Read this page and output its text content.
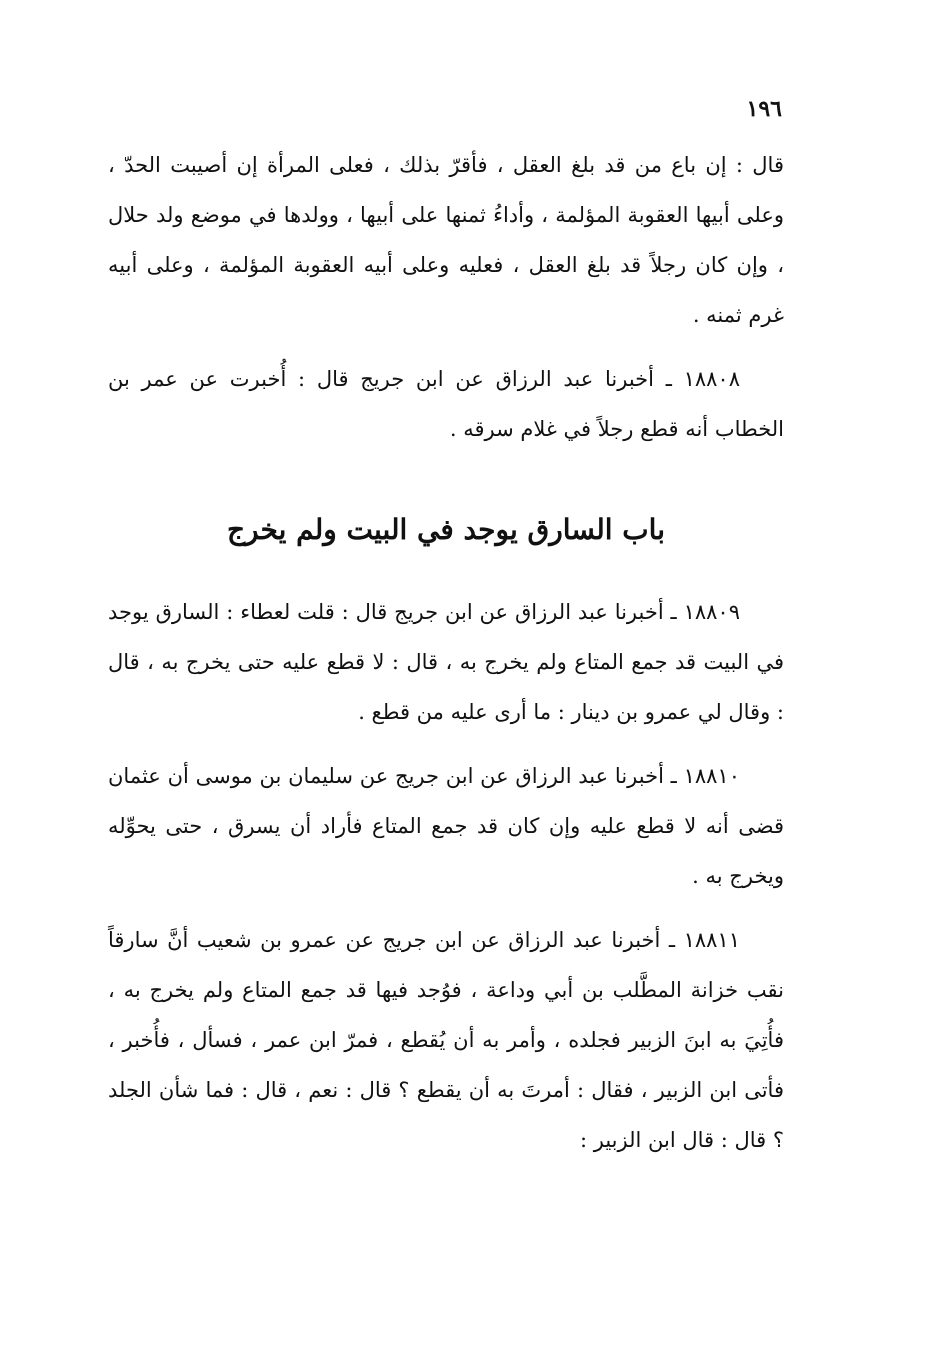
١٩٦

قال : إن باع من قد بلغ العقل ، فأقرّ بذلك ، فعلى المرأة إن أصيبت الحدّ ، وعلى أبيها العقوبة المؤلمة ، وأداءُ ثمنها على أبيها ، وولدها في موضع ولد حلال ، وإن كان رجلاً قد بلغ العقل ، فعليه وعلى أبيه العقوبة المؤلمة ، وعلى أبيه غرم ثمنه .

١٨٨٠٨ ـ أخبرنا عبد الرزاق عن ابن جريج قال : أُخبرت عن عمر بن الخطاب أنه قطع رجلاً في غلام سرقه .

باب السارق يوجد في البيت ولم يخرج

١٨٨٠٩ ـ أخبرنا عبد الرزاق عن ابن جريج قال : قلت لعطاء : السارق يوجد في البيت قد جمع المتاع ولم يخرج به ، قال : لا قطع عليه حتى يخرج به ، قال : وقال لي عمرو بن دينار : ما أرى عليه من قطع .

١٨٨١٠ ـ أخبرنا عبد الرزاق عن ابن جريج عن سليمان بن موسى أن عثمان قضى أنه لا قطع عليه وإن كان قد جمع المتاع فأراد أن يسرق ، حتى يحوِّله ويخرج به .

١٨٨١١ ـ أخبرنا عبد الرزاق عن ابن جريج عن عمرو بن شعيب أنَّ سارقاً نقب خزانة المطَّلب بن أبي وداعة ، فوُجد فيها قد جمع المتاع ولم يخرج به ، فأُتِيَ به ابنَ الزبير فجلده ، وأمر به أن يُقطع ، فمرّ ابن عمر ، فسأل ، فأُخبر ، فأتى ابن الزبير ، فقال : أمرتَ به أن يقطع ؟ قال : نعم ، قال : فما شأن الجلد ؟ قال : قال ابن الزبير :
